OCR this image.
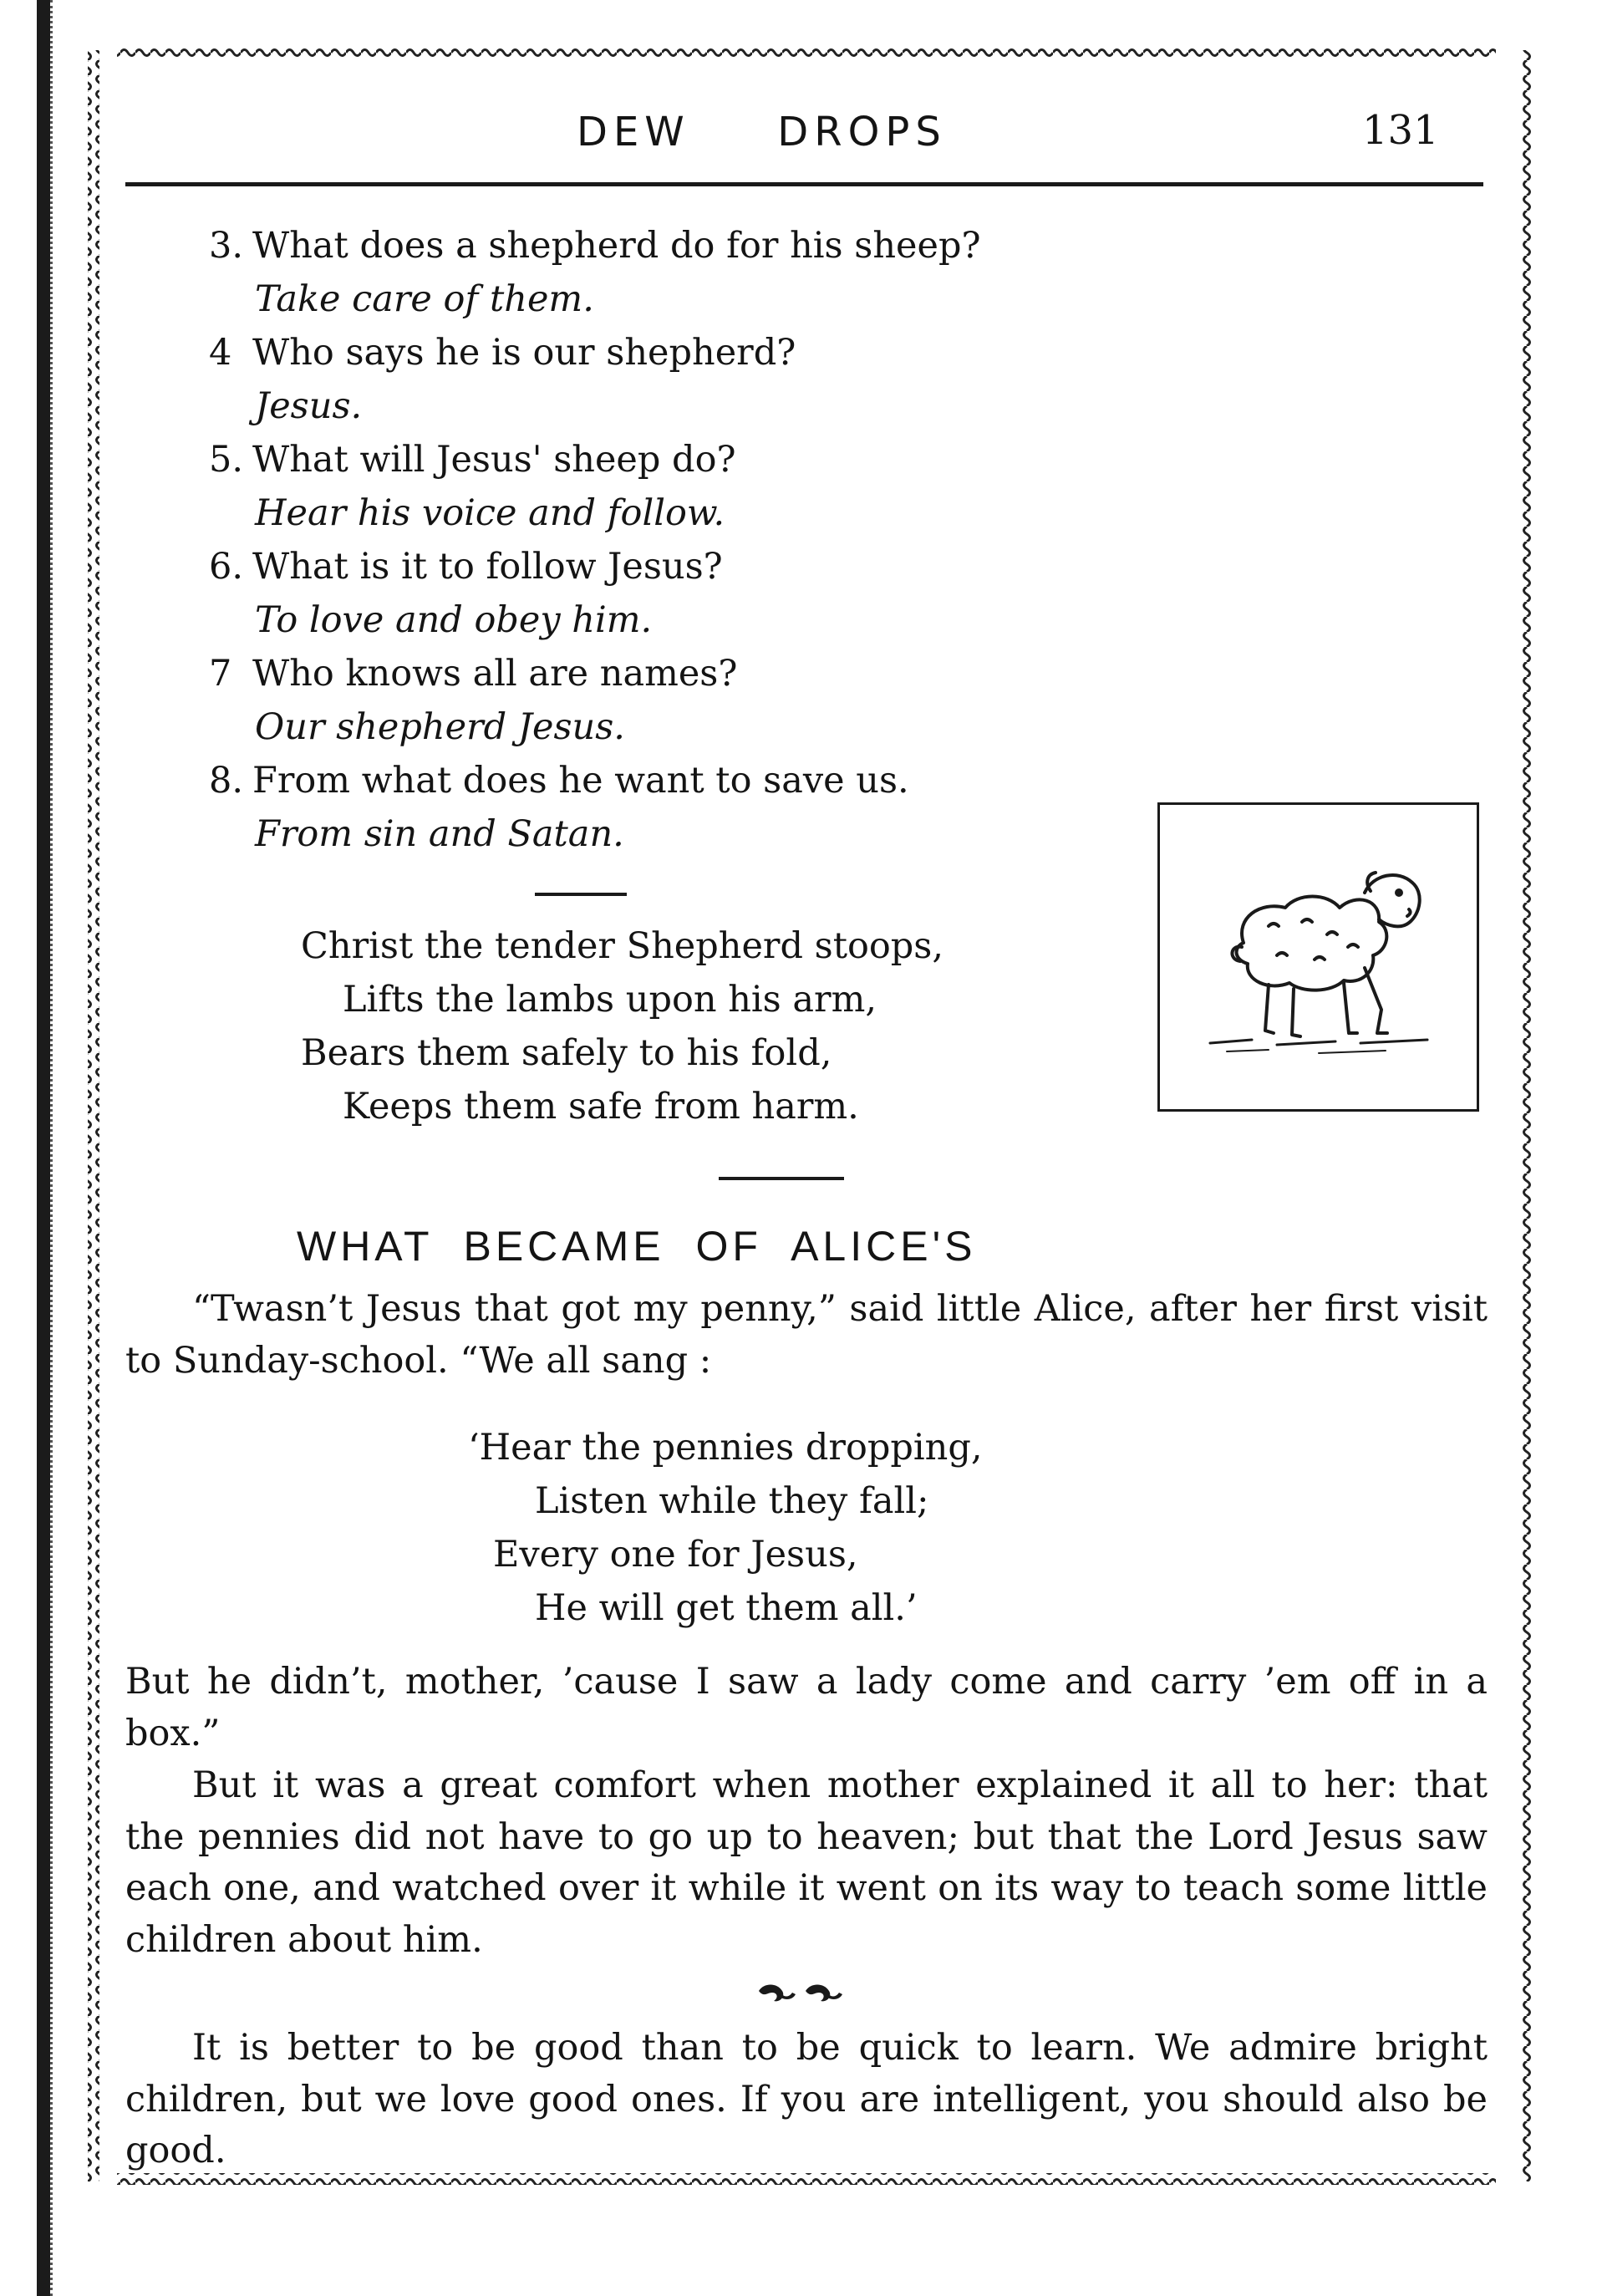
DEW DROPS	131
3. What does a shepherd do for his sheep?
Take care of them.
4 Who says he is our shepherd?
Jesus.
5. What will Jesus' sheep do?
Hear his voice and follow.
6. What is it to follow Jesus?
To love and obey him.
7 Who knows all are names?
Our shepherd Jesus.
8. From what does he want to save us.
From sin and Satan.
Christ the tender Shepherd stoops,
Lifts the lambs upon his arm,
Bears them safely to his fold,
Keeps them safe from harm.
WHAT BECAME OF ALICE'S
“Twasn’t Jesus that got my penny,” said little Alice, after her first visit to Sunday-school. “We all sang :
‘Hear the pennies dropping,
Listen while they fall;
Every one for Jesus,
He will get them all.’
But he didn’t, mother, ’cause I saw a lady come and carry ’em off in a box.”
But it was a great comfort when mother explained it all to her: that the pennies did not have to go up to heaven; but that the Lord Jesus saw each one, and watched over it while it went on its way to teach some little children about him.
It is better to be good than to be quick to learn. We admire bright children, but we love good ones. If you are intelligent, you should also be good.
